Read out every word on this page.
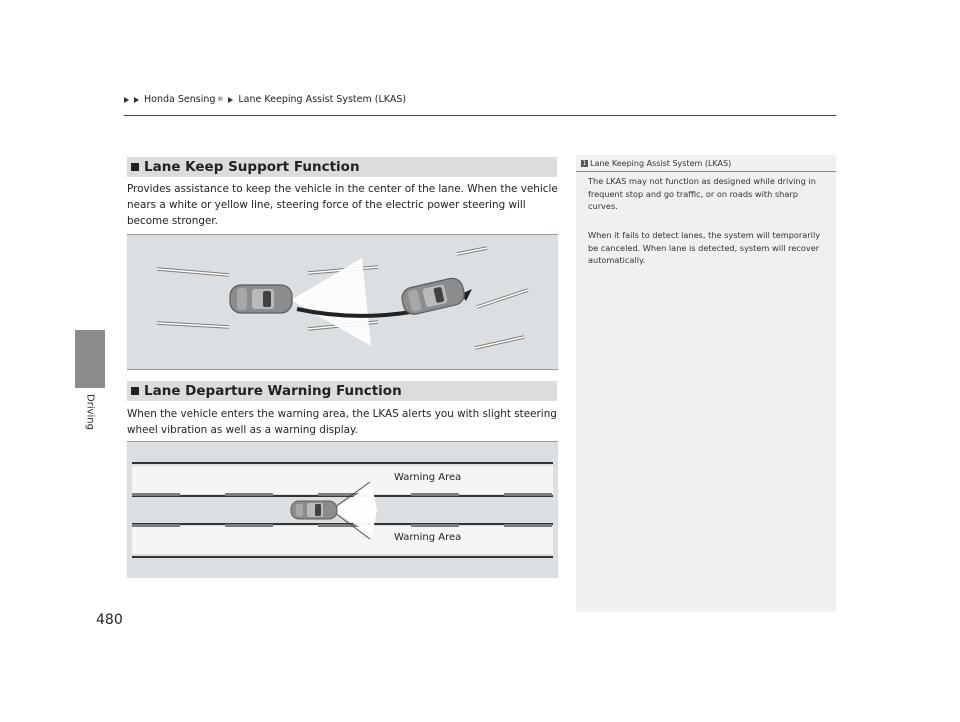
Honda Sensing ® Lane Keeping Assist System (LKAS)
Driving
Lane Keep Support Function
Provides assistance to keep the vehicle in the center of the lane. When the vehicle nears a white or yellow line, steering force of the electric power steering will become stronger.
Lane Departure Warning Function
When the vehicle enters the warning area, the LKAS alerts you with slight steering wheel vibration as well as a warning display.
Warning Area
Warning Area
1 Lane Keeping Assist System (LKAS)
The LKAS may not function as designed while driving in frequent stop and go traffic, or on roads with sharp curves.
When it fails to detect lanes, the system will temporarily be canceled. When lane is detected, system will recover automatically.
480
